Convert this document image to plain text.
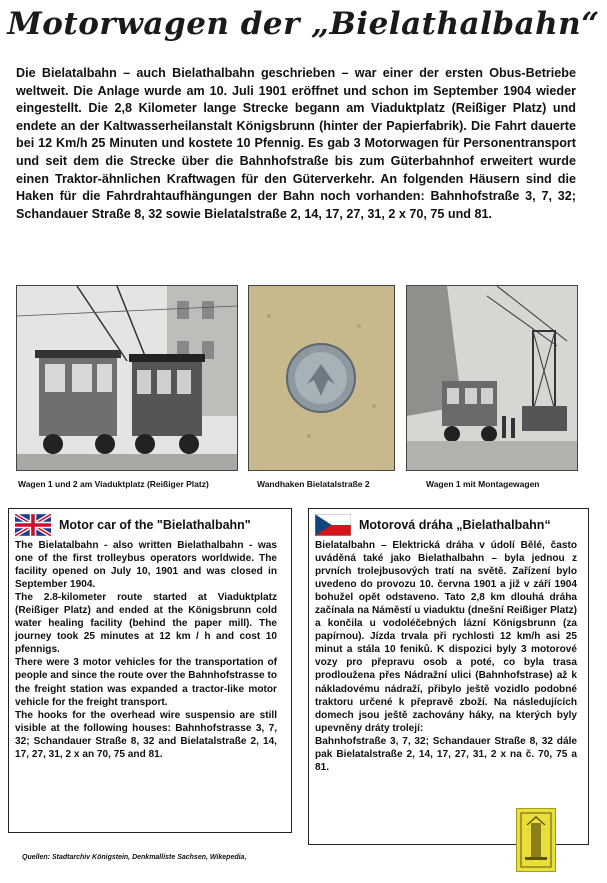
Motorwagen der „Bielathalbahn“
Die Bielatalbahn – auch Bielathalbahn geschrieben – war einer der ersten Obus-Betriebe weltweit. Die Anlage wurde am 10. Juli 1901 eröffnet und schon im September 1904 wieder eingestellt. Die 2,8 Kilometer lange Strecke begann am Viaduktplatz (Reißiger Platz) und endete an der Kaltwasserheilanstalt Königsbrunn (hinter der Papierfabrik). Die Fahrt dauerte bei 12 Km/h 25 Minuten und kostete 10 Pfennig. Es gab 3 Motorwagen für Personentransport und seit dem die Strecke über die Bahnhofstraße bis zum Güterbahnhof erweitert wurde einen Traktor-ähnlichen Kraftwagen für den Güterverkehr. An folgenden Häusern sind die Haken für die Fahrdrahtaufhängungen der Bahn noch vorhanden: Bahnhofstraße 3, 7, 32; Schandauer Straße 8, 32 sowie Bielatalstraße 2, 14, 17, 27, 31, 2 x 70, 75 und 81.
Wagen 1 und 2 am Viaduktplatz (Reißiger Platz)	Wandhaken Bielatalstraße 2	Wagen 1 mit Montagewagen
Motor car of the "Bielathalbahn"

The Bielatalbahn - also written Bielathalbahn - was one of the first trolleybus operators worldwide. The facility opened on July 10, 1901 and was closed in September 1904.

The 2.8-kilometer route started at Viaduktplatz (Reißiger Platz) and ended at the Königsbrunn cold water healing facility (behind the paper mill). The journey took 25 minutes at 12 km / h and cost 10 pfennigs.

There were 3 motor vehicles for the transportation of people and since the route over the Bahnhofstrasse to the freight station was expanded a tractor-like motor vehicle for the freight transport.

The hooks for the overhead wire suspensio are still visible at the following houses: Bahnhofstrasse 3, 7, 32; Schandauer Straße 8, 32 and Bielatalstraße 2, 14, 17, 27, 31, 2 x an 70, 75 and 81.

Motorová dráha „Bielathalbahn“

Bielatalbahn – Elektrická dráha v údolí Bělé, často uváděná také jako Bielathalbahn – byla jednou z prvních trolejbusových tratí na světě. Zařízení bylo uvedeno do provozu 10. června 1901 a již v září 1904 bohužel opět odstaveno. Tato 2,8 km dlouhá dráha začínala na Náměstí u viaduktu (dnešní Reißiger Platz) a končila u vodoléčebných lázní Königsbrunn (za papírnou). Jízda trvala při rychlosti 12 km/h asi 25 minut a stála 10 feniků. K dispozici byly 3 motorové vozy pro přepravu osob a poté, co byla trasa prodloužena přes Nádražní ulici (Bahnhofstrase) až k nákladovému nádraží, přibylo ještě vozidlo podobné traktoru určené k přepravě zboží. Na následujících domech jsou ještě zachovány háky, na kterých byly upevněny dráty trolejí:

Bahnhofstraße 3, 7, 32; Schandauer Straße 8, 32 dále pak Bielatalstraße 2, 14, 17, 27, 31, 2 x na č. 70, 75 a 81.

Quellen: Stadtarchiv Königstein, Denkmalliste Sachsen, Wikepedia,
